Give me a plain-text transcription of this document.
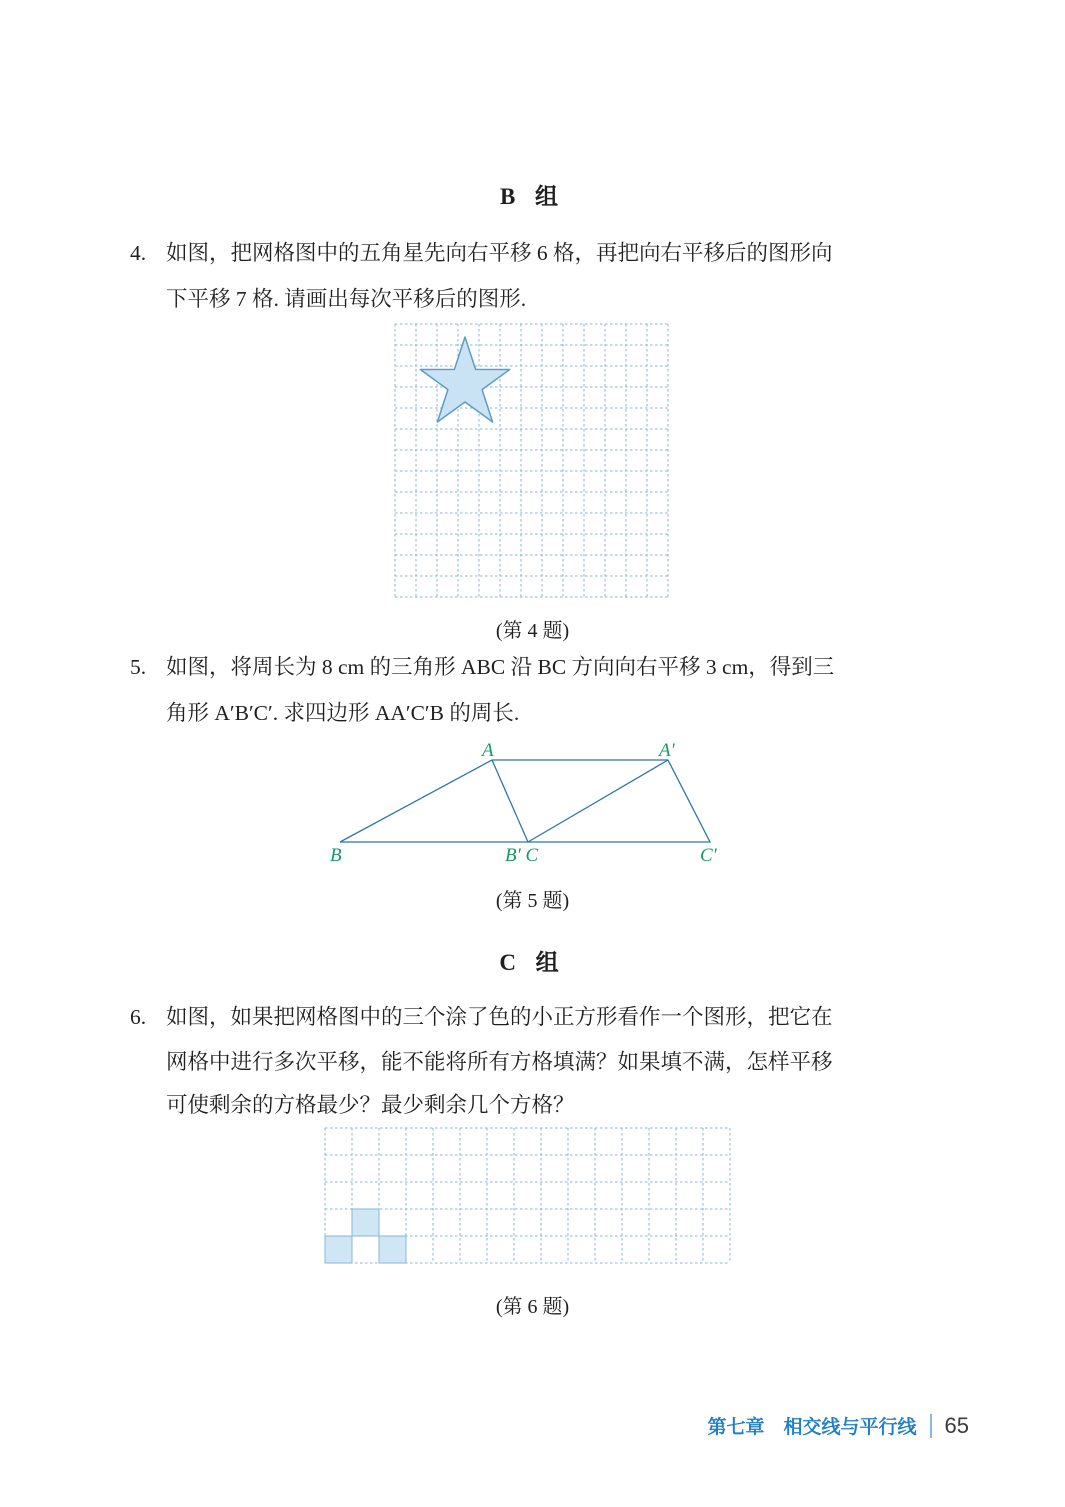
B 组
4. 如图，把网格图中的五角星先向右平移 6 格，再把向右平移后的图形向
下平移 7 格. 请画出每次平移后的图形.
(第 4 题)
5. 如图，将周长为 8 cm 的三角形 ABC 沿 BC 方向向右平移 3 cm，得到三
角形 A′B′C′. 求四边形 AA′C′B 的周长.
A	A′
B	B′ C	C′
(第 5 题)
C 组
6. 如图，如果把网格图中的三个涂了色的小正方形看作一个图形，把它在
网格中进行多次平移，能不能将所有方格填满？如果填不满，怎样平移
可使剩余的方格最少？最少剩余几个方格？
(第 6 题)
第七章　相交线与平行线 65
